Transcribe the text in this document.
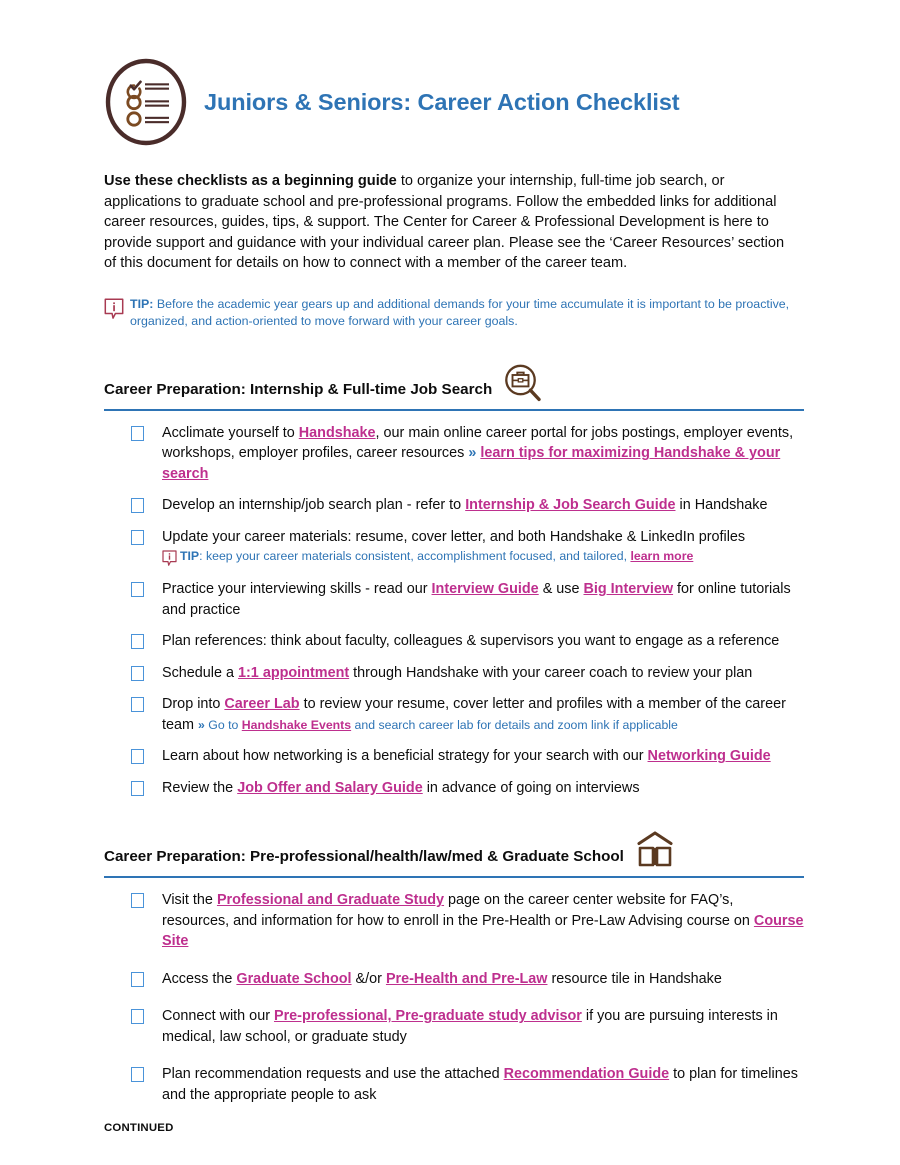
Juniors & Seniors: Career Action Checklist
Use these checklists as a beginning guide to organize your internship, full-time job search, or applications to graduate school and pre-professional programs. Follow the embedded links for additional career resources, guides, tips, & support. The Center for Career & Professional Development is here to provide support and guidance with your individual career plan. Please see the ‘Career Resources’ section of this document for details on how to connect with a member of the career team.
TIP: Before the academic year gears up and additional demands for your time accumulate it is important to be proactive, organized, and action-oriented to move forward with your career goals.
Career Preparation: Internship & Full-time Job Search
Acclimate yourself to Handshake, our main online career portal for jobs postings, employer events, workshops, employer profiles, career resources » learn tips for maximizing Handshake & your search
Develop an internship/job search plan - refer to Internship & Job Search Guide in Handshake
Update your career materials: resume, cover letter, and both Handshake & LinkedIn profiles
TIP: keep your career materials consistent, accomplishment focused, and tailored, learn more
Practice your interviewing skills - read our Interview Guide & use Big Interview for online tutorials and practice
Plan references: think about faculty, colleagues & supervisors you want to engage as a reference
Schedule a 1:1 appointment through Handshake with your career coach to review your plan
Drop into Career Lab to review your resume, cover letter and profiles with a member of the career team » Go to Handshake Events and search career lab for details and zoom link if applicable
Learn about how networking is a beneficial strategy for your search with our Networking Guide
Review the Job Offer and Salary Guide in advance of going on interviews
Career Preparation: Pre-professional/health/law/med & Graduate School
Visit the Professional and Graduate Study page on the career center website for FAQ’s, resources, and information for how to enroll in the Pre-Health or Pre-Law Advising course on Course Site
Access the Graduate School &/or Pre-Health and Pre-Law resource tile in Handshake
Connect with our Pre-professional, Pre-graduate study advisor if you are pursuing interests in medical, law school, or graduate study
Plan recommendation requests and use the attached Recommendation Guide to plan for timelines and the appropriate people to ask
CONTINUED
